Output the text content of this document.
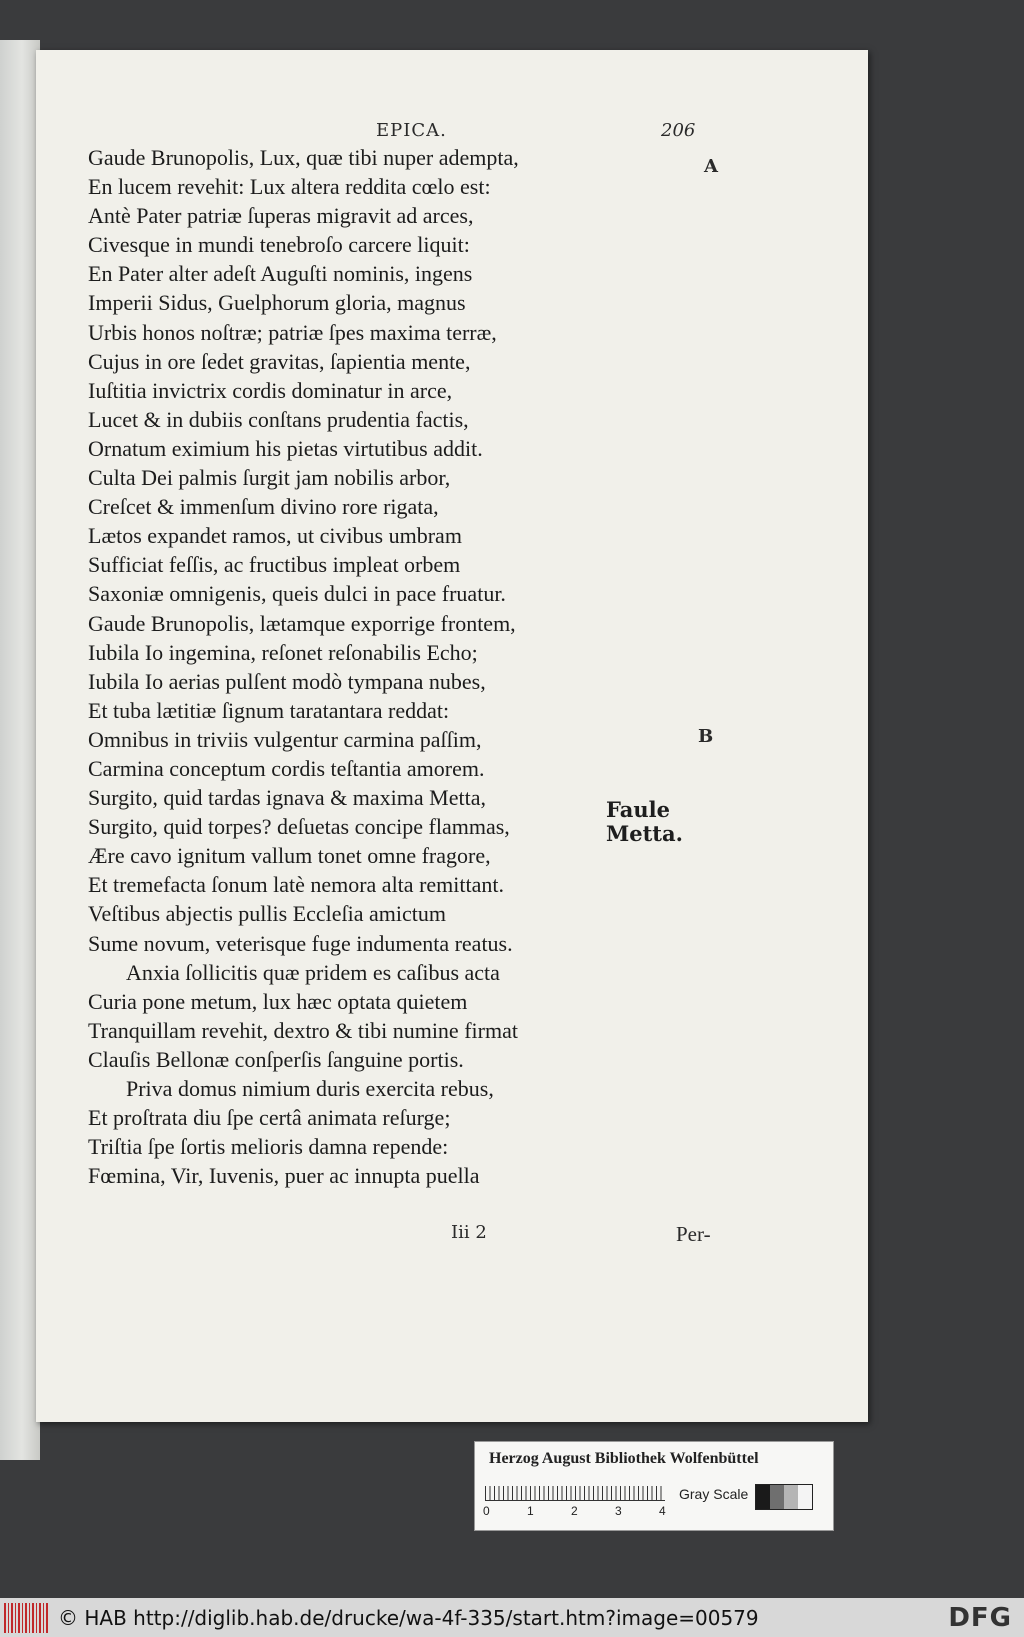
EPICA.	206
A
B
Faule
Metta.
Gaude Brunopolis, Lux, quæ tibi nuper adempta,
En lucem revehit: Lux altera reddita cœlo est:
Antè Pater patriæ ſuperas migravit ad arces,
Civesque in mundi tenebroſo carcere liquit:
En Pater alter adeſt Auguſti nominis, ingens
Imperii Sidus, Guelphorum gloria, magnus
Urbis honos noſtræ; patriæ ſpes maxima terræ,
Cujus in ore ſedet gravitas, ſapientia mente,
Iuſtitia invictrix cordis dominatur in arce,
Lucet & in dubiis conſtans prudentia factis,
Ornatum eximium his pietas virtutibus addit.
Culta Dei palmis ſurgit jam nobilis arbor,
Creſcet & immenſum divino rore rigata,
Lætos expandet ramos, ut civibus umbram
Sufficiat feſſis, ac fructibus impleat orbem
Saxoniæ omnigenis, queis dulci in pace fruatur.
Gaude Brunopolis, lætamque exporrige frontem,
Iubila Io ingemina, reſonet reſonabilis Echo;
Iubila Io aerias pulſent modò tympana nubes,
Et tuba lætitiæ ſignum taratantara reddat:
Omnibus in triviis vulgentur carmina paſſim,
Carmina conceptum cordis teſtantia amorem.
Surgito, quid tardas ignava & maxima Metta,
Surgito, quid torpes? deſuetas concipe flammas,
Ære cavo ignitum vallum tonet omne fragore,
Et tremefacta ſonum latè nemora alta remittant.
Veſtibus abjectis pullis Eccleſia amictum
Sume novum, veterisque fuge indumenta reatus.
Anxia ſollicitis quæ pridem es caſibus acta
Curia pone metum, lux hæc optata quietem
Tranquillam revehit, dextro & tibi numine firmat
Clauſis Bellonæ conſperſis ſanguine portis.
Priva domus nimium duris exercita rebus,
Et proſtrata diu ſpe certâ animata reſurge;
Triſtia ſpe ſortis melioris damna repende:
Fœmina, Vir, Iuvenis, puer ac innupta puella
Iii 2	Per-
Herzog August Bibliothek Wolfenbüttel
0	1	2	3	4
Gray Scale
© HAB http://diglib.hab.de/drucke/wa-4f-335/start.htm?image=00579	DFG
